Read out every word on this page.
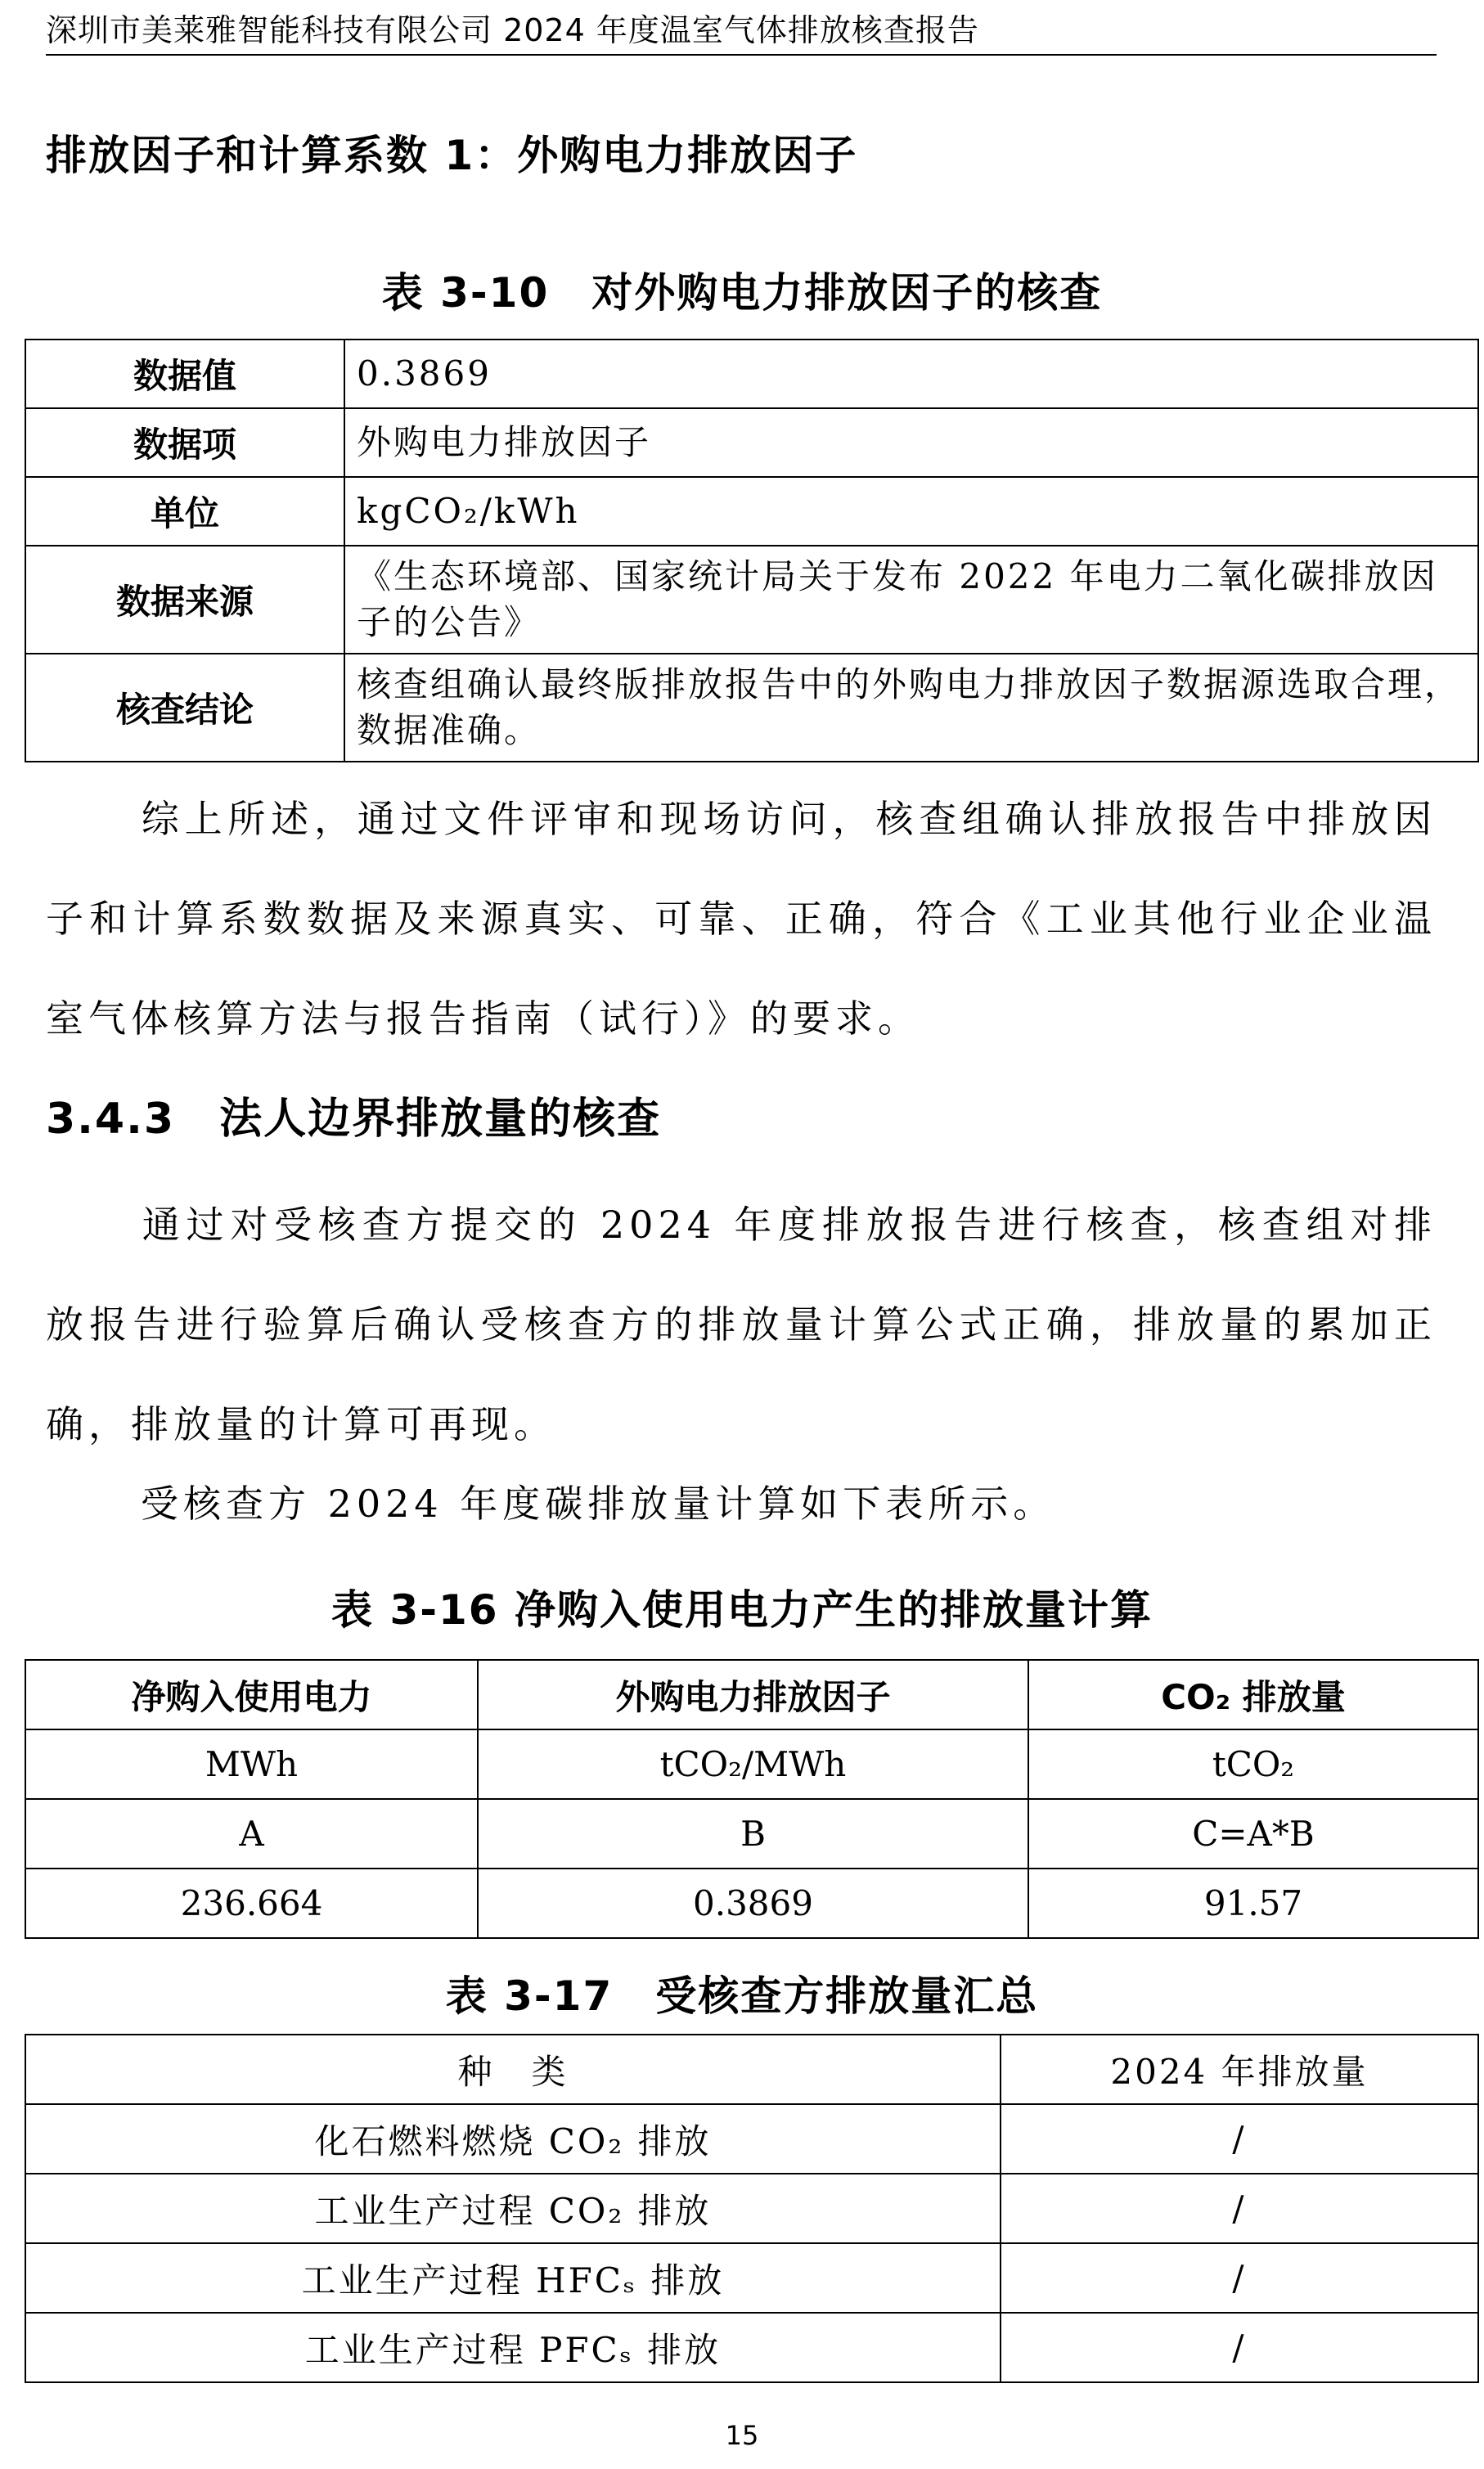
深圳市美莱雅智能科技有限公司 2024 年度温室气体排放核查报告
排放因子和计算系数 1：外购电力排放因子
表 3-10　对外购电力排放因子的核查
数据值	0.3869
数据项	外购电力排放因子
单位	kgCO₂/kWh
数据来源	《生态环境部、国家统计局关于发布 2022 年电力二氧化碳排放因子的公告》
核查结论	核查组确认最终版排放报告中的外购电力排放因子数据源选取合理，数据准确。
综上所述，通过文件评审和现场访问，核查组确认排放报告中排放因子和计算系数数据及来源真实、可靠、正确，符合《工业其他行业企业温室气体核算方法与报告指南（试行）》的要求。
3.4.3　 法人边界排放量的核查
通过对受核查方提交的 2024 年度排放报告进行核查，核查组对排放报告进行验算后确认受核查方的排放量计算公式正确，排放量的累加正确，排放量的计算可再现。
受核查方 2024 年度碳排放量计算如下表所示。
表 3-16 净购入使用电力产生的排放量计算
净购入使用电力	外购电力排放因子	CO₂ 排放量
MWh	tCO₂/MWh	tCO₂
A	B	C=A*B
236.664	0.3869	91.57
表 3-17　受核查方排放量汇总
种　类	2024 年排放量
化石燃料燃烧 CO₂ 排放	/
工业生产过程 CO₂ 排放	/
工业生产过程 HFCₛ 排放	/
工业生产过程 PFCₛ 排放	/
15
